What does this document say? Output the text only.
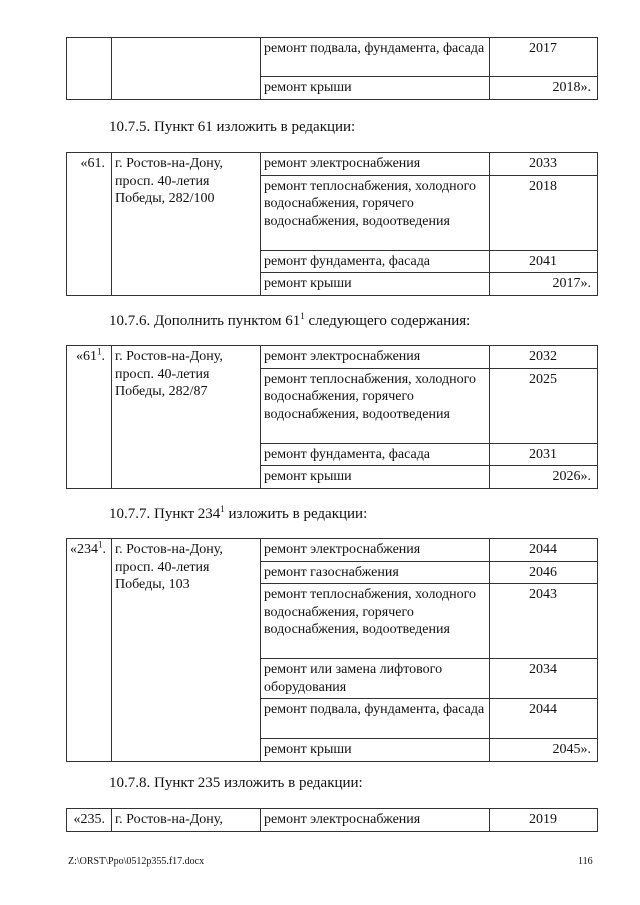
		ремонт подвала, фундамента, фасада	2017
		ремонт крыши	2018».
10.7.5. Пункт 61 изложить в редакции:
«61.	г. Ростов-на-Дону, просп. 40-летия Победы, 282/100	ремонт электроснабжения	2033
		ремонт теплоснабжения, холодного водоснабжения, горячего водоснабжения, водоотведения	2018
		ремонт фундамента, фасада	2041
		ремонт крыши	2017».
10.7.6. Дополнить пунктом $61^1$ следующего содержания:
«$61^1$.	г. Ростов-на-Дону, просп. 40-летия Победы, 282/87	ремонт электроснабжения	2032
		ремонт теплоснабжения, холодного водоснабжения, горячего водоснабжения, водоотведения	2025
		ремонт фундамента, фасада	2031
		ремонт крыши	2026».
10.7.7. Пункт $234^1$ изложить в редакции:
«$234^1$.	г. Ростов-на-Дону, просп. 40-летия Победы, 103	ремонт электроснабжения	2044
		ремонт газоснабжения	2046
		ремонт теплоснабжения, холодного водоснабжения, горячего водоснабжения, водоотведения	2043
		ремонт или замена лифтового оборудования	2034
		ремонт подвала, фундамента, фасада	2044
		ремонт крыши	2045».
10.7.8. Пункт 235 изложить в редакции:
«235.	г. Ростов-на-Дону,	ремонт электроснабжения	2019
Z:\ORST\Ppo\0512p355.f17.docx	116
